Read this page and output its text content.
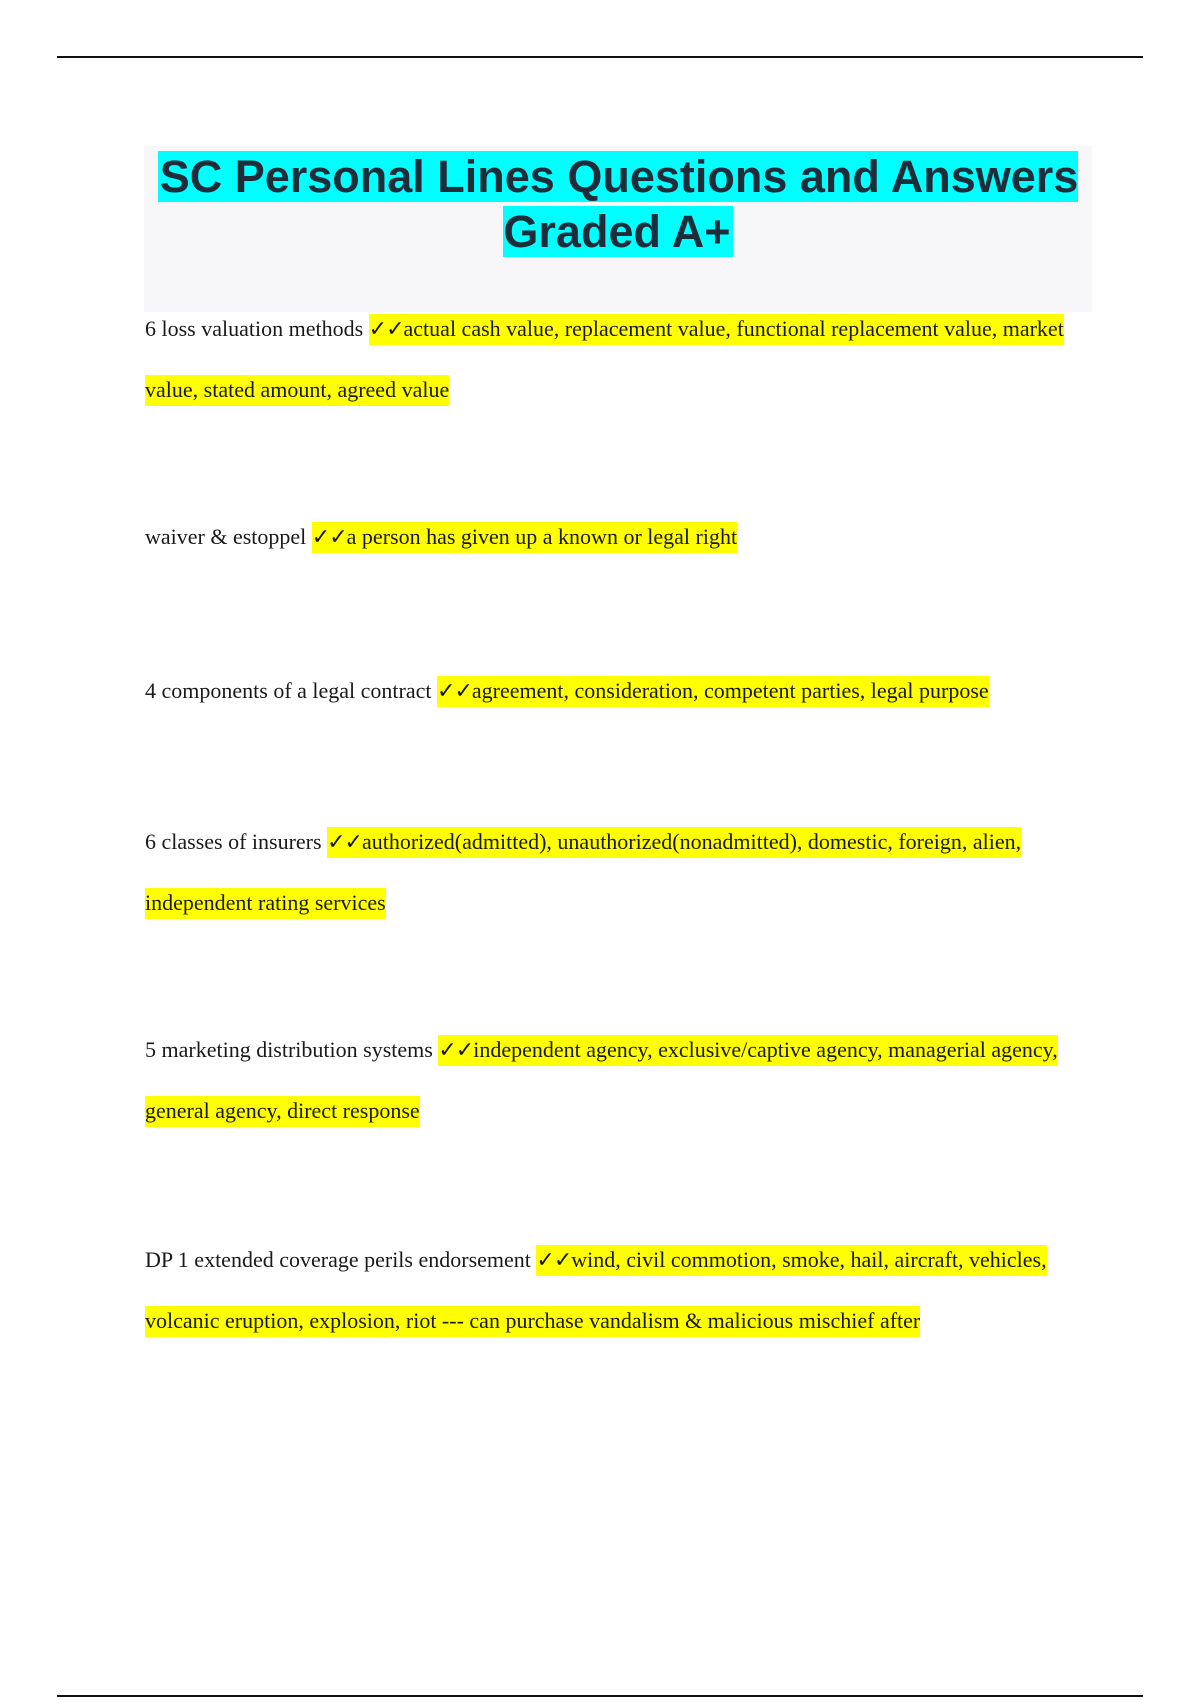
SC Personal Lines Questions and Answers Graded A+

6 loss valuation methods ✓✓actual cash value, replacement value, functional replacement value, market value, stated amount, agreed value

waiver & estoppel ✓✓a person has given up a known or legal right

4 components of a legal contract ✓✓agreement, consideration, competent parties, legal purpose

6 classes of insurers ✓✓authorized(admitted), unauthorized(nonadmitted), domestic, foreign, alien, independent rating services

5 marketing distribution systems ✓✓independent agency, exclusive/captive agency, managerial agency, general agency, direct response

DP 1 extended coverage perils endorsement ✓✓wind, civil commotion, smoke, hail, aircraft, vehicles, volcanic eruption, explosion, riot --- can purchase vandalism & malicious mischief after
